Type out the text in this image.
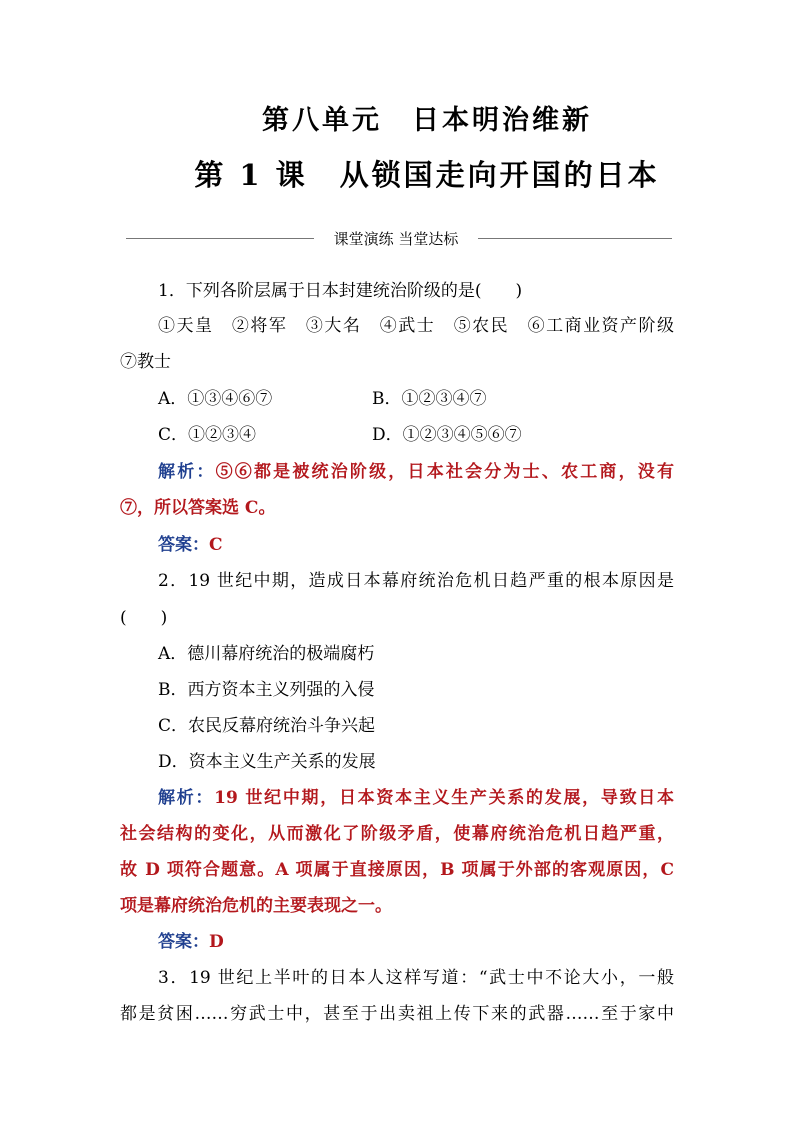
第八单元　日本明治维新
第 1 课　从锁国走向开国的日本
课堂演练 当堂达标
1．下列各阶层属于日本封建统治阶级的是(　　)
①天皇　②将军　③大名　④武士　⑤农民　⑥工商业资产阶级
⑦教士
A．①③④⑥⑦	B．①②③④⑦
C．①②③④	D．①②③④⑤⑥⑦
解析：⑤⑥都是被统治阶级，日本社会分为士、农工商，没有
⑦，所以答案选 C。
答案：C
2．19 世纪中期，造成日本幕府统治危机日趋严重的根本原因是
(　　)
A．德川幕府统治的极端腐朽
B．西方资本主义列强的入侵
C．农民反幕府统治斗争兴起
D．资本主义生产关系的发展
解析：19 世纪中期，日本资本主义生产关系的发展，导致日本
社会结构的变化，从而激化了阶级矛盾，使幕府统治危机日趋严重，
故 D 项符合题意。A 项属于直接原因，B 项属于外部的客观原因，C
项是幕府统治危机的主要表现之一。
答案：D
3．19 世纪上半叶的日本人这样写道：“武士中不论大小，一般
都是贫困……穷武士中，甚至于出卖祖上传下来的武器……至于家中
